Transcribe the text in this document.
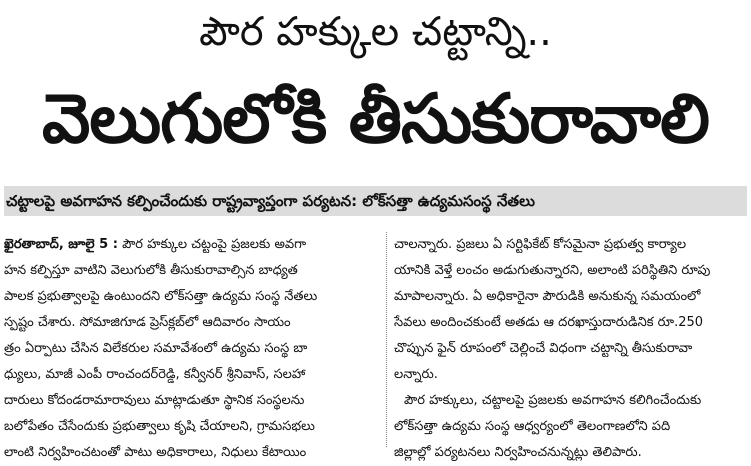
పౌర హక్కుల చట్టాన్ని..
వెలుగులోకి తీసుకురావాలి
చట్టాలపై అవగాహన కల్పించేందుకు రాష్ట్రవ్యాప్తంగా పర్యటన: లోక్‌సత్తా ఉద్యమసంస్థ నేతలు
ఖైరతాబాద్, జూలై 5 : పౌర హక్కుల చట్టంపై ప్రజలకు అవగా
హన కల్పిస్తూ వాటిని వెలుగులోకి తీసుకురావాల్సిన బాధ్యత
పాలక ప్రభుత్వాలపై ఉంటుందని లోక్‌సత్తా ఉద్యమ సంస్థ నేతలు
స్పష్టం చేశారు. సోమాజిగూడ ప్రెస్‌క్లబ్‌లో ఆదివారం సాయం
త్రం ఏర్పాటు చేసిన విలేకరుల సమావేశంలో ఉద్యమ సంస్థ బా
ధ్యులు, మాజీ ఎంపీ రాంచందర్‌రెడ్డి, కన్వీనర్ శ్రీనివాస్, సలహా
దారులు కోదండరామారావులు మాట్లాడుతూ స్థానిక సంస్థలను
బలోపేతం చేసేందుకు ప్రభుత్వాలు కృషి చేయాలని, గ్రామసభలు
లాంటి నిర్వహించటంతో పాటు అధికారాలు, నిధులు కేటాయిం
చాలన్నారు. ప్రజలు ఏ సర్టిఫికేట్ కోసమైనా ప్రభుత్వ కార్యాల
యానికి వెళ్తే లంచం అడుగుతున్నారని, అలాంటి పరిస్థితిని రూపు
మాపాలన్నారు. ఏ అధికారైనా పౌరుడికి అనుకున్న సమయంలో
సేవలు అందించకుంటే అతడు ఆ దరఖాస్తుదారుడినిక రూ.250
చొప్పున ఫైన్ రూపంలో చెల్లించే విధంగా చట్టాన్ని తీసుకురావా
లన్నారు.
పౌర హక్కులు, చట్టాలపై ప్రజలకు అవగాహన కలిగించేందుకు
లోక్‌సత్తా ఉద్యమ సంస్థ ఆధ్వర్యంలో తెలంగాణలోని పది
జిల్లాల్లో పర్యటనలు నిర్వహించనున్నట్లు తెలిపారు.
